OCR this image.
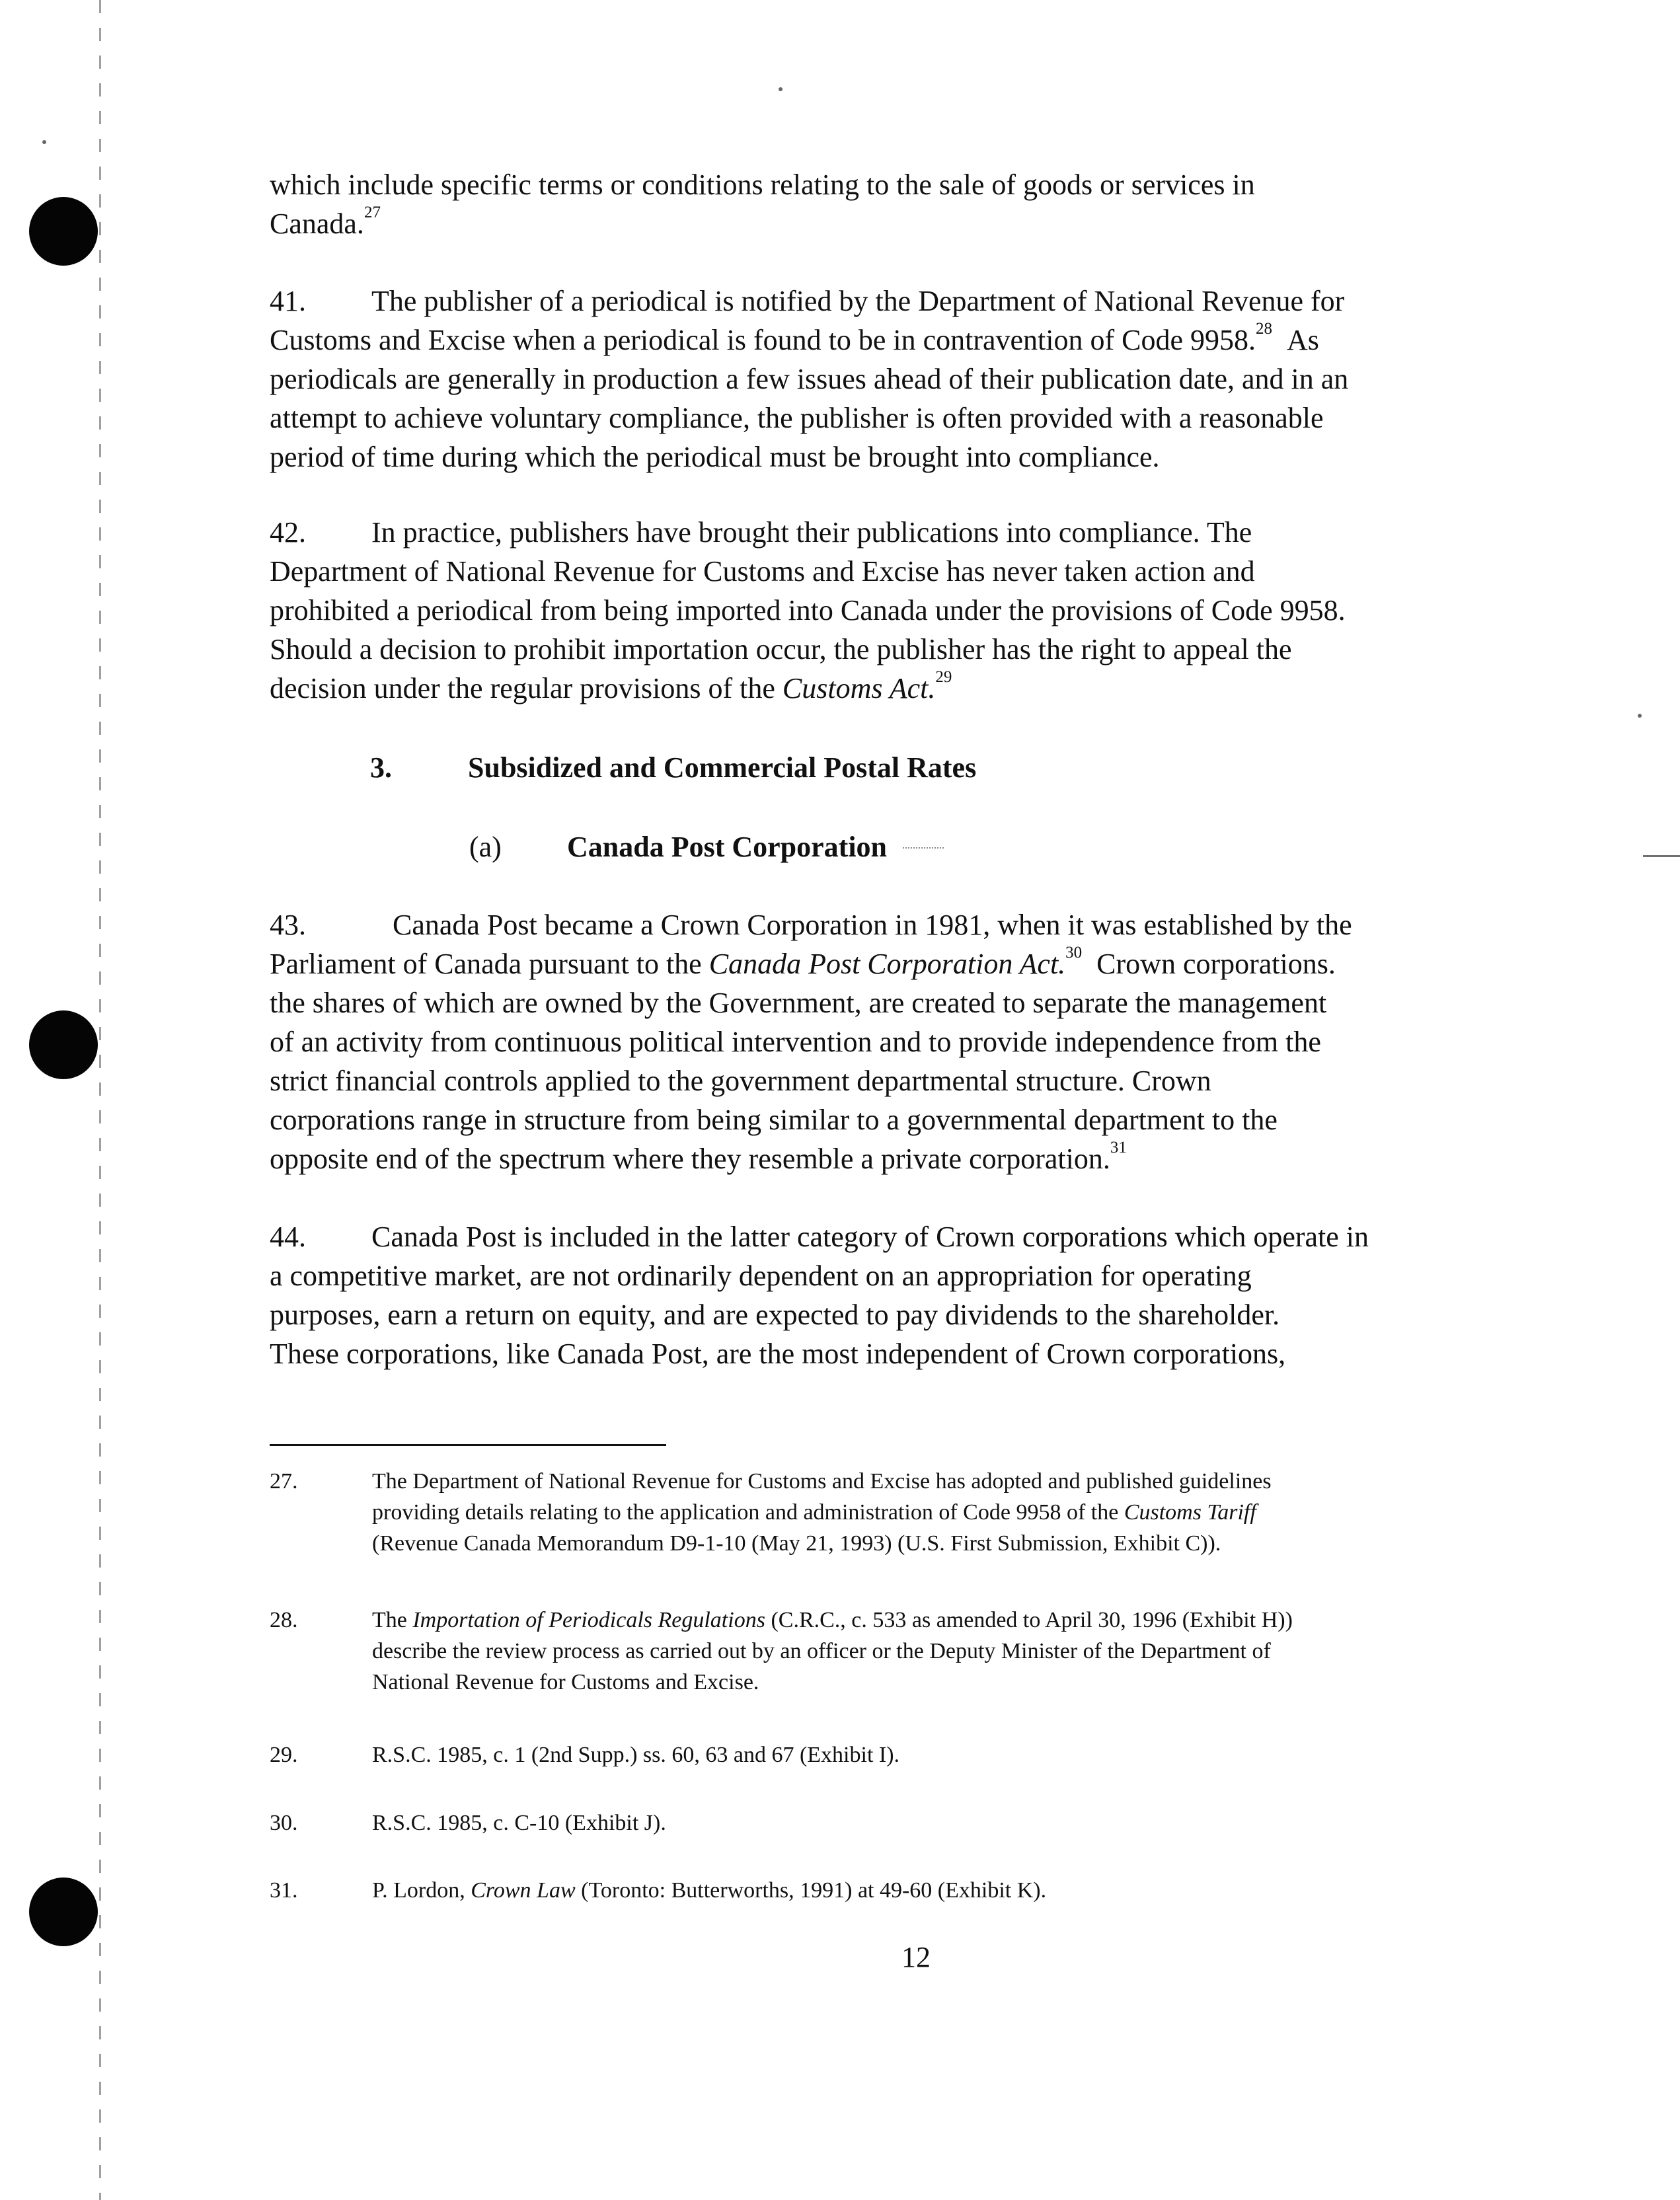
which include specific terms or conditions relating to the sale of goods or services in
Canada.$^{27}$
41. The publisher of a periodical is notified by the Department of National Revenue for
Customs and Excise when a periodical is found to be in contravention of Code 9958.28 As
periodicals are generally in production a few issues ahead of their publication date, and in an
attempt to achieve voluntary compliance, the publisher is often provided with a reasonable
period of time during which the periodical must be brought into compliance.
42. In practice, publishers have brought their publications into compliance. The
Department of National Revenue for Customs and Excise has never taken action and
prohibited a periodical from being imported into Canada under the provisions of Code 9958.
Should a decision to prohibit importation occur, the publisher has the right to appeal the
decision under the regular provisions of the Customs Act.$^{29}$
3.	Subsidized and Commercial Postal Rates
(a) Canada Post Corporation
43.	Canada Post became a Crown Corporation in 1981, when it was established by the
Parliament of Canada pursuant to the Canada Post Corporation Act.$^{30}$ Crown corporations.
the shares of which are owned by the Government, are created to separate the management
of an activity from continuous political intervention and to provide independence from the
strict financial controls applied to the government departmental structure. Crown
corporations range in structure from being similar to a governmental department to the
opposite end of the spectrum where they resemble a private corporation.$^{31}$
44. Canada Post is included in the latter category of Crown corporations which operate in
a competitive market, are not ordinarily dependent on an appropriation for operating
purposes, earn a return on equity, and are expected to pay dividends to the shareholder.
These corporations, like Canada Post, are the most independent of Crown corporations,
27.	The Department of National Revenue for Customs and Excise has adopted and published guidelines
providing details relating to the application and administration of Code 9958 of the Customs Tariff
(Revenue Canada Memorandum D9-1-10 (May 21, 1993) (U.S. First Submission, Exhibit C)).
28.	The Importation of Periodicals Regulations (C.R.C., c. 533 as amended to April 30, 1996 (Exhibit H))
describe the review process as carried out by an officer or the Deputy Minister of the Department of
National Revenue for Customs and Excise.
29.	R.S.C. 1985, c. 1 (2nd Supp.) ss. 60, 63 and 67 (Exhibit I).
30.	R.S.C. 1985, c. C-10 (Exhibit J).
31.	P. Lordon, Crown Law (Toronto: Butterworths, 1991) at 49-60 (Exhibit K).
12
